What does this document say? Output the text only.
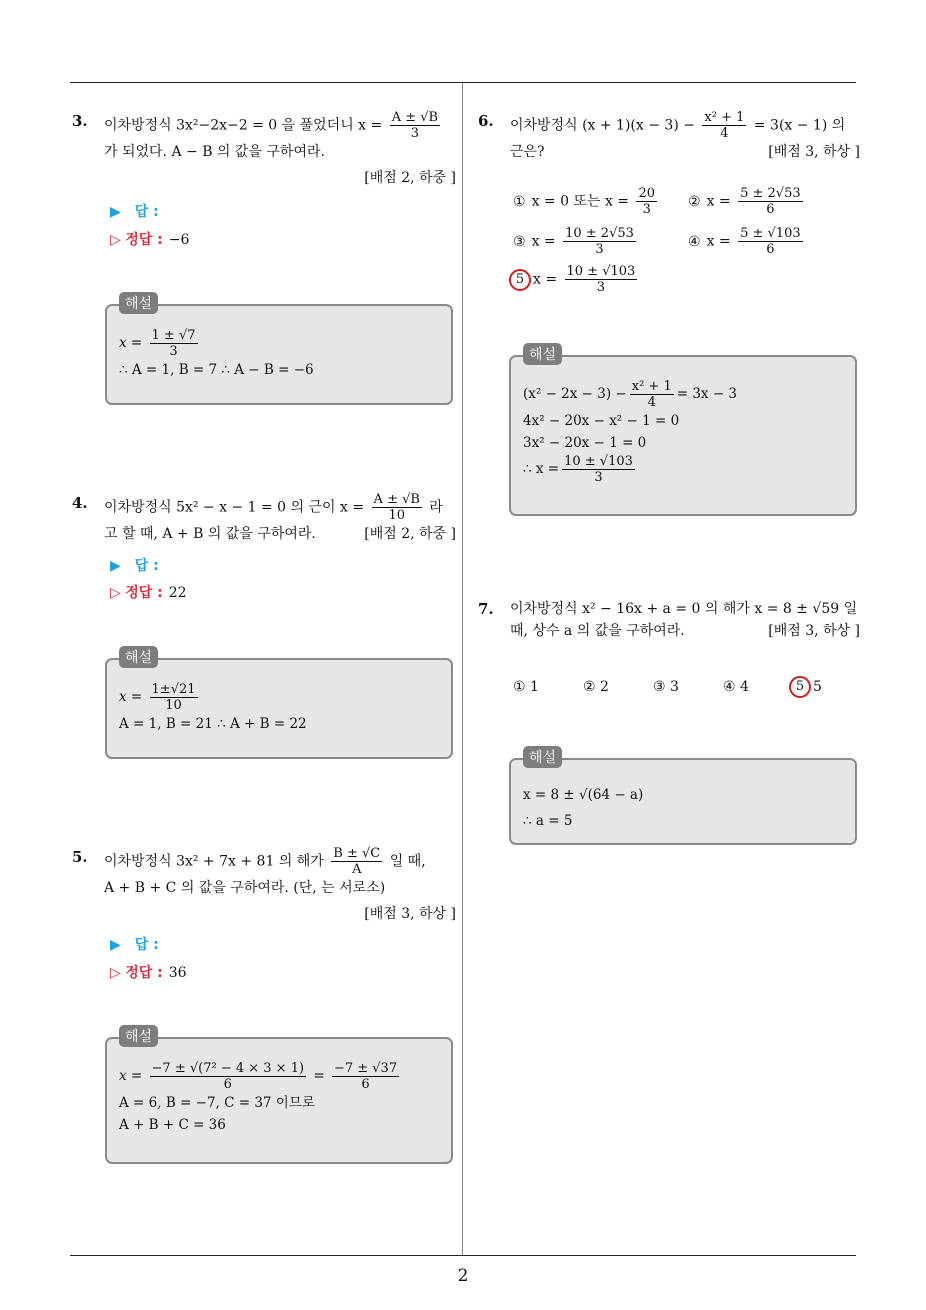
3. 이차방정식 3x²−2x−2 = 0 을 풀었더니 $x = \frac{A \pm √B}{3}$

가 되었다. A − B 의 값을 구하여라.
[배점 2, 하중 ]
▶ 답 :
▷ 정답 : −6
해설
$x = \frac{1 \pm √7}{3}$
∴ A = 1, B = 7 ∴ A − B = −6
4. 이차방정식 5x² − x − 1 = 0 의 근이 $x = \frac{A \pm √B}{10}$ 라
고 할 때, A + B 의 값을 구하여라.	[배점 2, 하중 ]
▶ 답 :
▷ 정답 : 22
해설
$x = \frac{1\pm√21}{10}$
A = 1, B = 21 ∴ A + B = 22
5. 이차방정식 3x² + 7x + 81 의 해가 $\frac{B \pm √C}{A}$ 일 때,
A + B + C 의 값을 구하여라. (단, 는 서로소)
[배점 3, 하상 ]
▶ 답 :
▷ 정답 : 36
해설
$x = \frac{\text{−7 ± √(7² − 4 × 3 × 1)}}{6} = \frac{-7 \pm √37}{6}$
A = 6, B = −7, C = 37 이므로
A + B + C = 36
6. 이차방정식 $(x + 1)(x - 3) - \frac{\text{x² + 1}}{4} = 3(x - 1)$ 의
근은?	[배점 3, 하상 ]
① x = 0 또는 $x = \frac{20}{3}$ ② $x = \frac{5 \pm 2√53}{6}$
③ $x = \frac{10 \pm 2√53}{3}$	④ $x = \frac{5 \pm √103}{6}$
5 $x = \frac{10 \pm √103}{3}$
해설
$(x^2 - 2x - 3) - \frac{\text{x² + 1}}{4} = 3x - 3$
4x² − 20x − x² − 1 = 0
3x² − 20x − 1 = 0
∴ $x = \frac{10 \pm √103}{3}$
7. 이차방정식 x² − 16x + a = 0 의 해가 x = 8 ± √59 일
때, 상수 a 의 값을 구하여라.	[배점 3, 하상 ]
① 1	② 2	③ 3	④ 4	5 5
해설
x = 8 ± √(64 − a)
∴ a = 5
2
